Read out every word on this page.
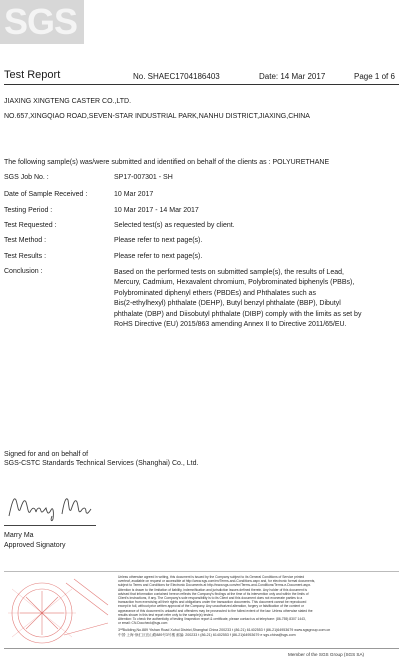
SGS
Test Report	No. SHAEC1704186403	Date: 14 Mar 2017	Page 1 of 6
JIAXING XINGTENG CASTER CO.,LTD.
NO.657,XINGQIAO ROAD,SEVEN-STAR INDUSTRIAL PARK,NANHU DISTRICT,JIAXING,CHINA
The following sample(s) was/were submitted and identified on behalf of the clients as : POLYURETHANE
SGS Job No. :	SP17-007301 - SH
Date of Sample Received :	10 Mar 2017
Testing Period :	10 Mar 2017 - 14 Mar 2017
Test Requested :	Selected test(s) as requested by client.
Test Method :	Please refer to next page(s).
Test Results :	Please refer to next page(s).
Conclusion :	Based on the performed tests on submitted sample(s), the results of Lead,
Mercury, Cadmium, Hexavalent chromium, Polybrominated biphenyls (PBBs),
Polybrominated diphenyl ethers (PBDEs) and Phthalates such as
Bis(2-ethylhexyl) phthalate (DEHP), Butyl benzyl phthalate (BBP), Dibutyl
phthalate (DBP) and Diisobutyl phthalate (DIBP) comply with the limits as set by
RoHS Directive (EU) 2015/863 amending Annex II to Directive 2011/65/EU.
Signed for and on behalf of
SGS-CSTC Standards Technical Services (Shanghai) Co., Ltd.
Marry Ma
Approved Signatory
Unless otherwise agreed in writing, this document is issued by the Company subject to its General Conditions of Service printed
overleaf, available on request or accessible at http://www.sgs.com/en/Terms-and-Conditions.aspx and, for electronic format documents,
subject to Terms and Conditions for Electronic Documents at http://www.sgs.com/en/Terms-and-Conditions/Terms-e-Document.aspx.
Attention is drawn to the limitation of liability, indemnification and jurisdiction issues defined therein. Any holder of this document is
advised that information contained hereon reflects the Company's findings at the time of its intervention only and within the limits of
Client's instructions, if any. The Company's sole responsibility is to its Client and this document does not exonerate parties to a
transaction from exercising all their rights and obligations under the transaction documents. This document cannot be reproduced
except in full, without prior written approval of the Company. Any unauthorized alteration, forgery or falsification of the content or
appearance of this document is unlawful and offenders may be prosecuted to the fullest extent of the law. Unless otherwise stated the
results shown in this test report refer only to the sample(s) tested.
Attention: To check the authenticity of testing /inspection report & certificate, please contact us at telephone: (86-755) 8307 1443,
or email: CN.Doccheck@sgs.com
3ⁿᵈBuilding,No.889 Yishan Road Xuhui District,Shanghai China 200233 t (86-21) 61402553 f (86-21)64953679 www.sgsgroup.com.cn
中国·上海·徐汇区宜山路889号3号楼 邮编: 200233 t (86-21) 61402553 f (86-21)64953679 e sgs.china@sgs.com
Member of the SGS Group (SGS SA)
